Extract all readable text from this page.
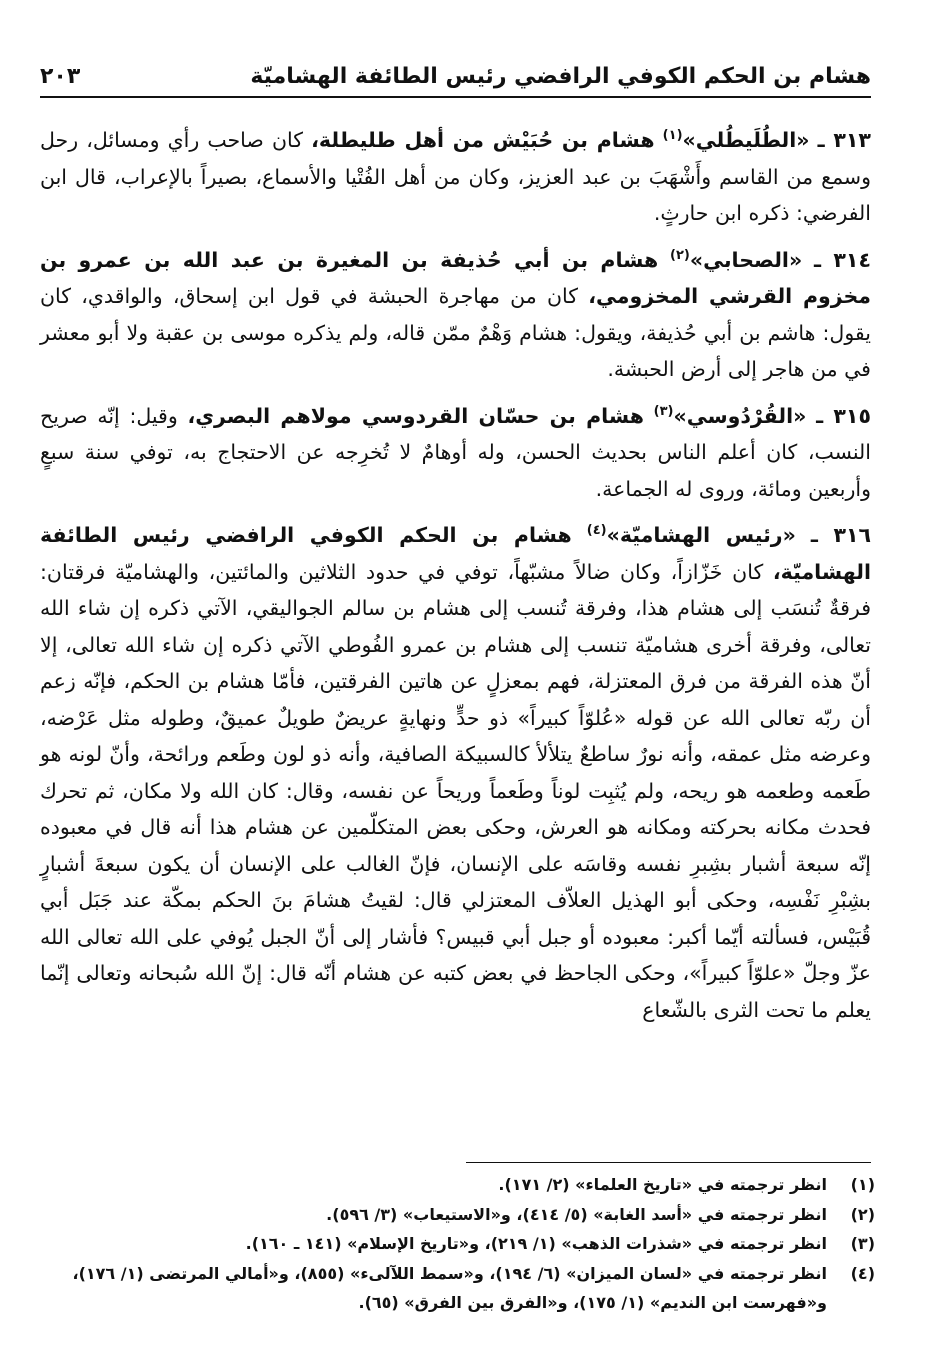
هشام بن الحكم الكوفي الرافضي رئيس الطائفة الهشاميّة
٢٠٣

٣١٣ ـ «الطُلَيطُلي»$^{(١)}$ هشام بن حُبَيْش من أهل طليطلة، كان صاحب رأي ومسائل، رحل وسمع من القاسم وأَشْهَبَ بن عبد العزيز، وكان من أهل الفُتْيا والأسماع، بصيراً بالإعراب، قال ابن الفرضي: ذكره ابن حارثٍ.

٣١٤ ـ «الصحابي»$^{(٢)}$ هشام بن أبي حُذيفة بن المغيرة بن عبد الله بن عمرو بن مخزوم القرشي المخزومي، كان من مهاجرة الحبشة في قول ابن إسحاق، والواقدي، كان يقول: هاشم بن أبي حُذيفة، ويقول: هشام وَهْمٌ ممّن قاله، ولم يذكره موسى بن عقبة ولا أبو معشر في من هاجر إلى أرض الحبشة.

٣١٥ ـ «القُرْدُوسي»$^{(٣)}$ هشام بن حسّان القردوسي مولاهم البصري، وقيل: إنّه صريح النسب، كان أعلم الناس بحديث الحسن، وله أوهامٌ لا تُخرِجه عن الاحتجاج به، توفي سنة سبعٍ وأربعين ومائة، وروى له الجماعة.

٣١٦ ـ «رئيس الهشاميّة»$^{(٤)}$ هشام بن الحكم الكوفي الرافضي رئيس الطائفة الهشاميّة، كان خَزّازاً، وكان ضالاً مشبّهاً، توفي في حدود الثلاثين والمائتين، والهشاميّة فرقتان: فرقةٌ تُنسَب إلى هشام هذا، وفرقة تُنسب إلى هشام بن سالم الجواليقي، الآتي ذكره إن شاء الله تعالى، وفرقة أخرى هشاميّة تنسب إلى هشام بن عمرو الفُوطي الآتي ذكره إن شاء الله تعالى، إلا أنّ هذه الفرقة من فرق المعتزلة، فهم بمعزلٍ عن هاتين الفرقتين، فأمّا هشام بن الحكم، فإنّه زعم أن ربّه تعالى الله عن قوله «عُلوّاً كبيراً» ذو حدٍّ ونهايةٍ عريضٌ طويلٌ عميقٌ، وطوله مثل عَرْضه، وعرضه مثل عمقه، وأنه نورٌ ساطعٌ يتلألأ كالسبيكة الصافية، وأنه ذو لون وطَعم ورائحة، وأنّ لونه هو طَعمه وطعمه هو ريحه، ولم يُثبِت لوناً وطَعماً وريحاً عن نفسه، وقال: كان الله ولا مكان، ثم تحرك فحدث مكانه بحركته ومكانه هو العرش، وحكى بعض المتكلّمين عن هشام هذا أنه قال في معبوده إنّه سبعة أشبار بشِبرِ نفسه وقاسَه على الإنسان، فإنّ الغالب على الإنسان أن يكون سبعةَ أشبارٍ بشِبْرِ نَفْسِه، وحكى أبو الهذيل العلاّف المعتزلي قال: لقيتُ هشامَ بنَ الحكم بمكّة عند جَبَل أبي قُبَيْس، فسألته أيّما أكبر: معبوده أو جبل أبي قبيس؟ فأشار إلى أنّ الجبل يُوفي على الله تعالى الله عزّ وجلّ «علوّاً كبيراً»، وحكى الجاحظ في بعض كتبه عن هشام أنّه قال: إنّ الله سُبحانه وتعالى إنّما يعلم ما تحت الثرى بالشّعاع

(١)
انظر ترجمته في «تاريخ العلماء» (٢/ ١٧١).
(٢)
انظر ترجمته في «أسد الغابة» (٥/ ٤١٤)، و«الاستيعاب» (٣/ ٥٩٦).
(٣)
انظر ترجمته في «شذرات الذهب» (١/ ٢١٩)، و«تاريخ الإسلام» (١٤١ ـ ١٦٠).
(٤)
انظر ترجمته في «لسان الميزان» (٦/ ١٩٤)، و«سمط اللآلىء» (٨٥٥)، و«أمالي المرتضى (١/ ١٧٦)، و«فهرست ابن النديم» (١/ ١٧٥)، و«الفرق بين الفرق» (٦٥).
